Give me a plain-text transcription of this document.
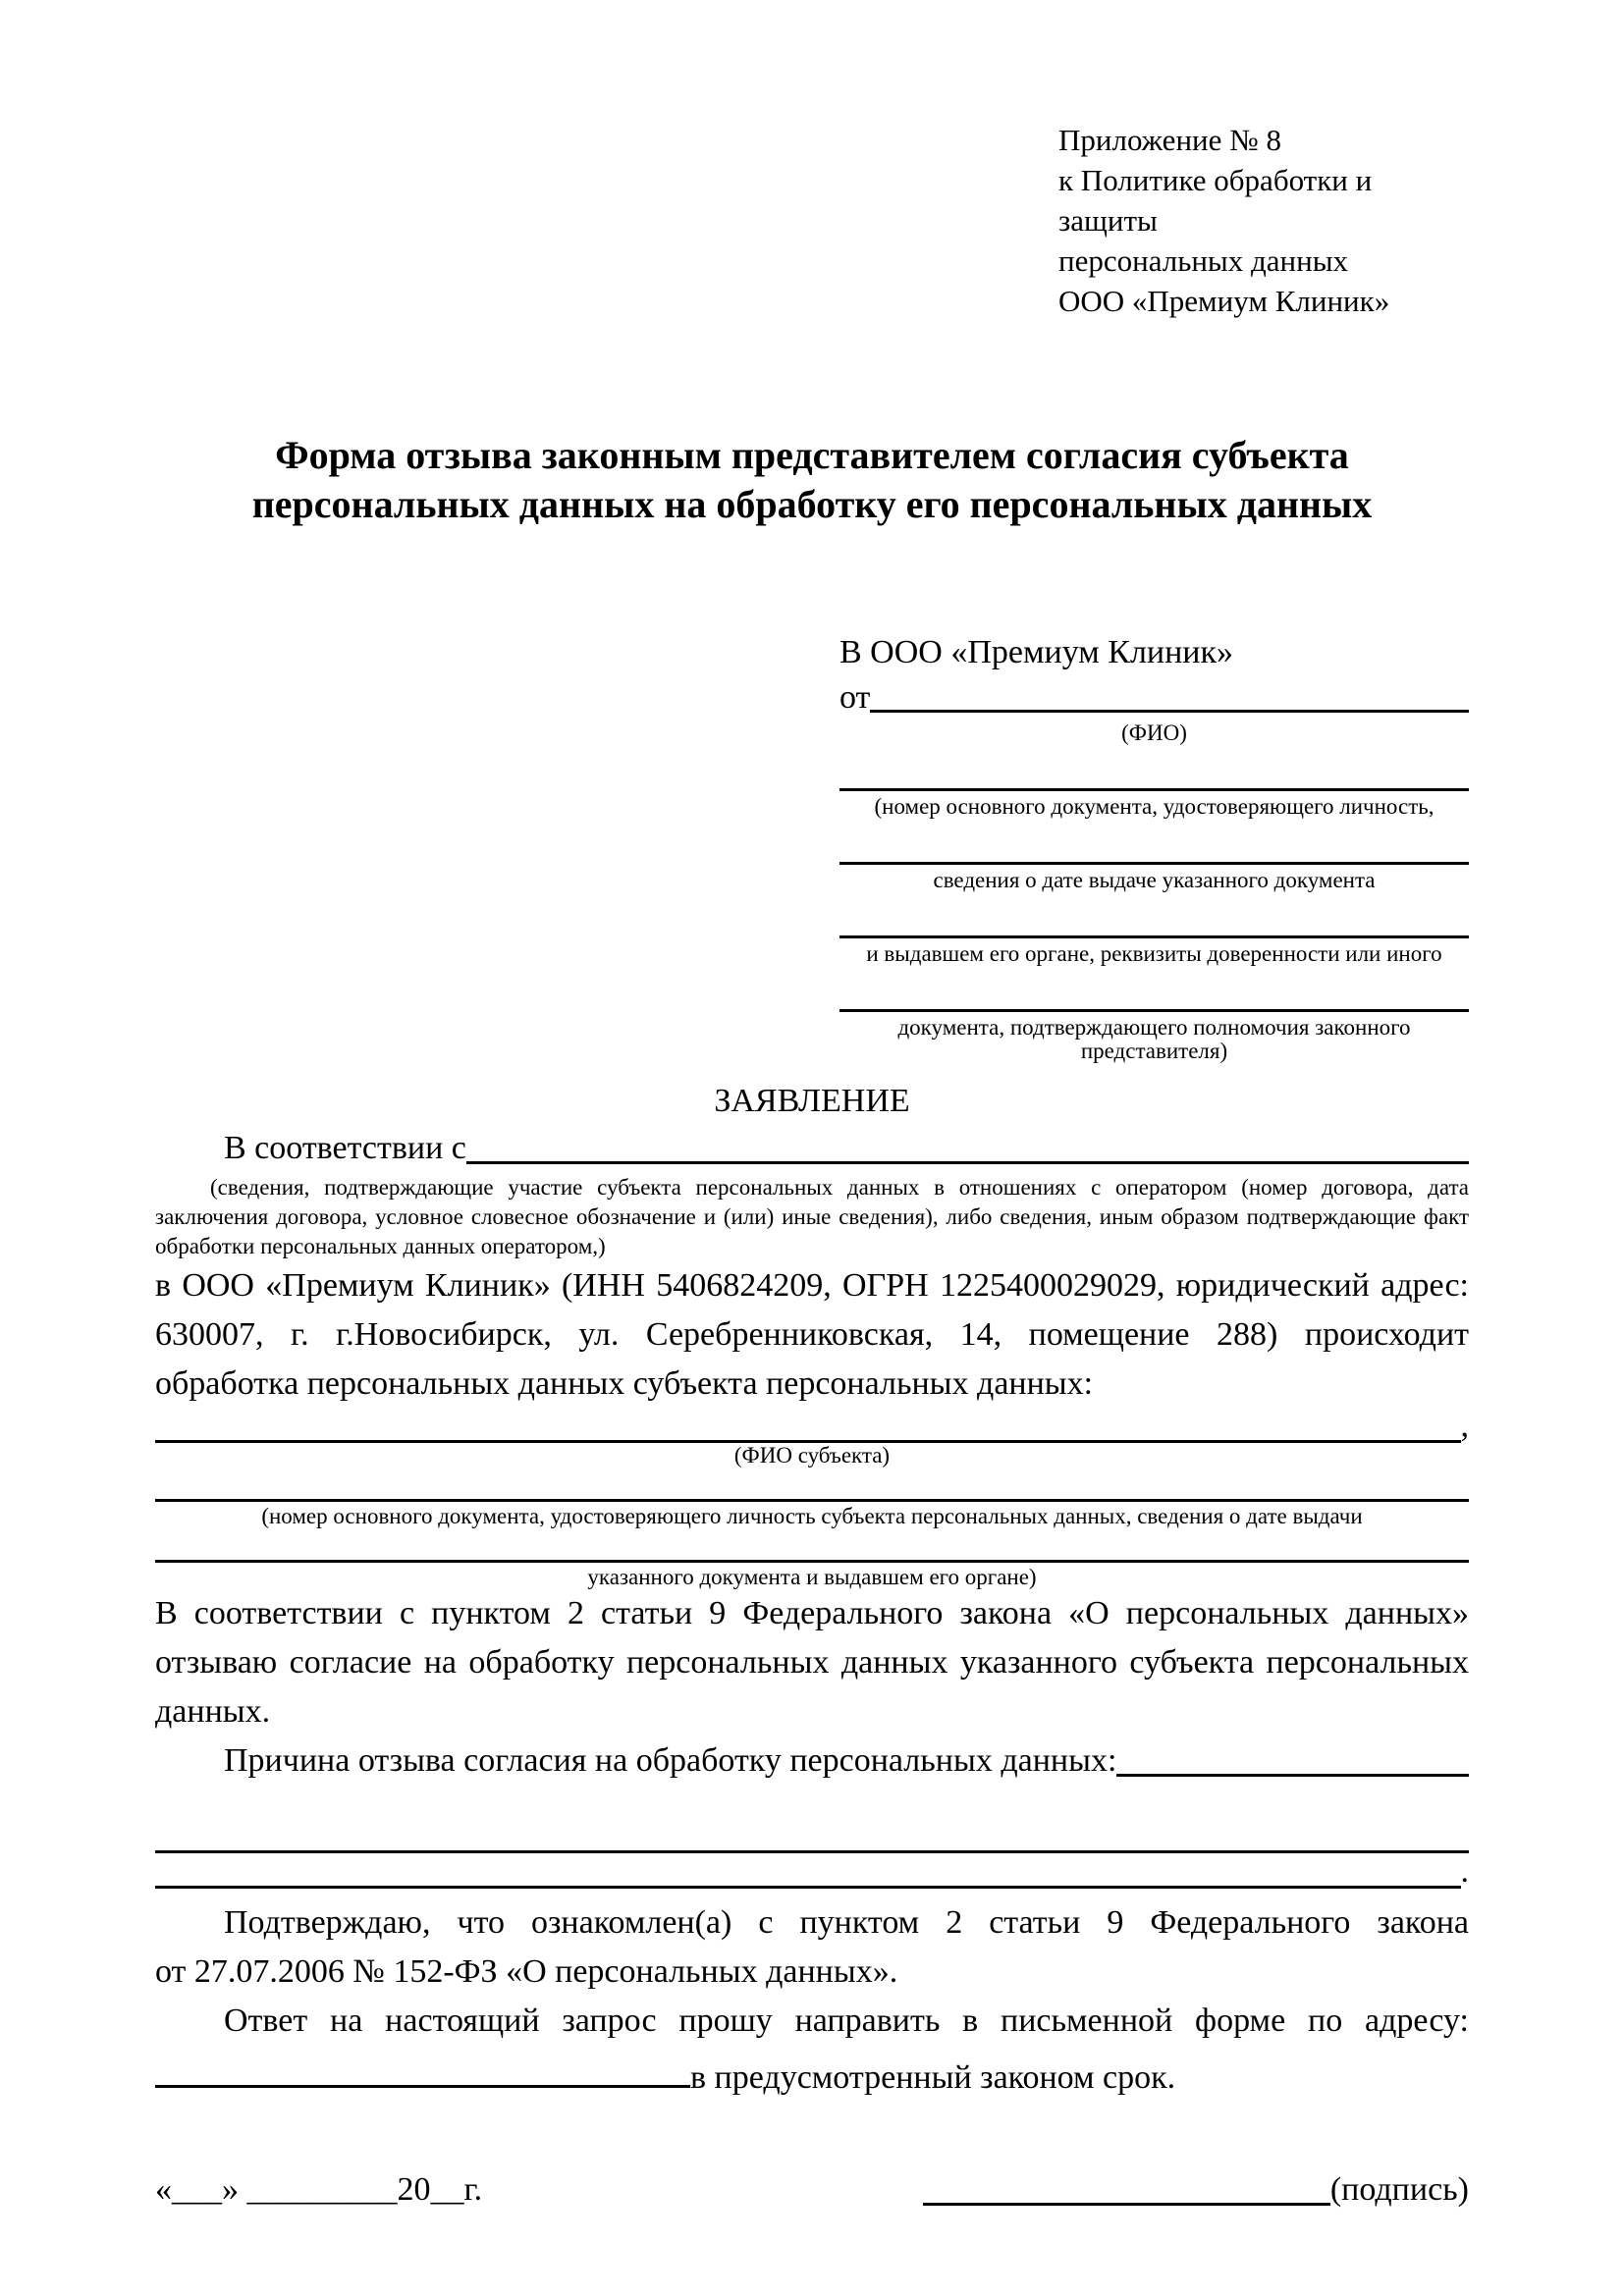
Приложение № 8
к Политике обработки и защиты
персональных данных
ООО «Премиум Клиник»
Форма отзыва законным представителем согласия субъекта персональных данных на обработку его персональных данных
В ООО «Премиум Клиник»
от
(ФИО)
(номер основного документа, удостоверяющего личность,
сведения о дате выдаче указанного документа
и выдавшем его органе, реквизиты доверенности или иного
документа, подтверждающего полномочия законного представителя)
ЗАЯВЛЕНИЕ
В соответствии с
(сведения, подтверждающие участие субъекта персональных данных в отношениях с оператором (номер договора, дата
заключения договора, условное словесное обозначение и (или) иные сведения), либо сведения, иным образом подтверждающие факт
обработки персональных данных оператором,)
в ООО «Премиум Клиник» (ИНН 5406824209, ОГРН 1225400029029, юридический адрес:
630007, г. г.Новосибирск, ул. Серебренниковская, 14, помещение 288) происходит
обработка персональных данных субъекта персональных данных:
,
(ФИО субъекта)
(номер основного документа, удостоверяющего личность субъекта персональных данных, сведения о дате выдачи
указанного документа и выдавшем его органе)
В соответствии с пунктом 2 статьи 9 Федерального закона «О персональных данных»
отзываю согласие на обработку персональных данных указанного субъекта персональных
данных.
Причина отзыва согласия на обработку персональных данных:
.
Подтверждаю, что ознакомлен(а) с пунктом 2 статьи 9 Федерального закона
от 27.07.2006 № 152-ФЗ «О персональных данных».
Ответ на настоящий запрос прошу направить в письменной форме по адресу:
в предусмотренный законом срок.
«___» _________20__г.	(подпись)
